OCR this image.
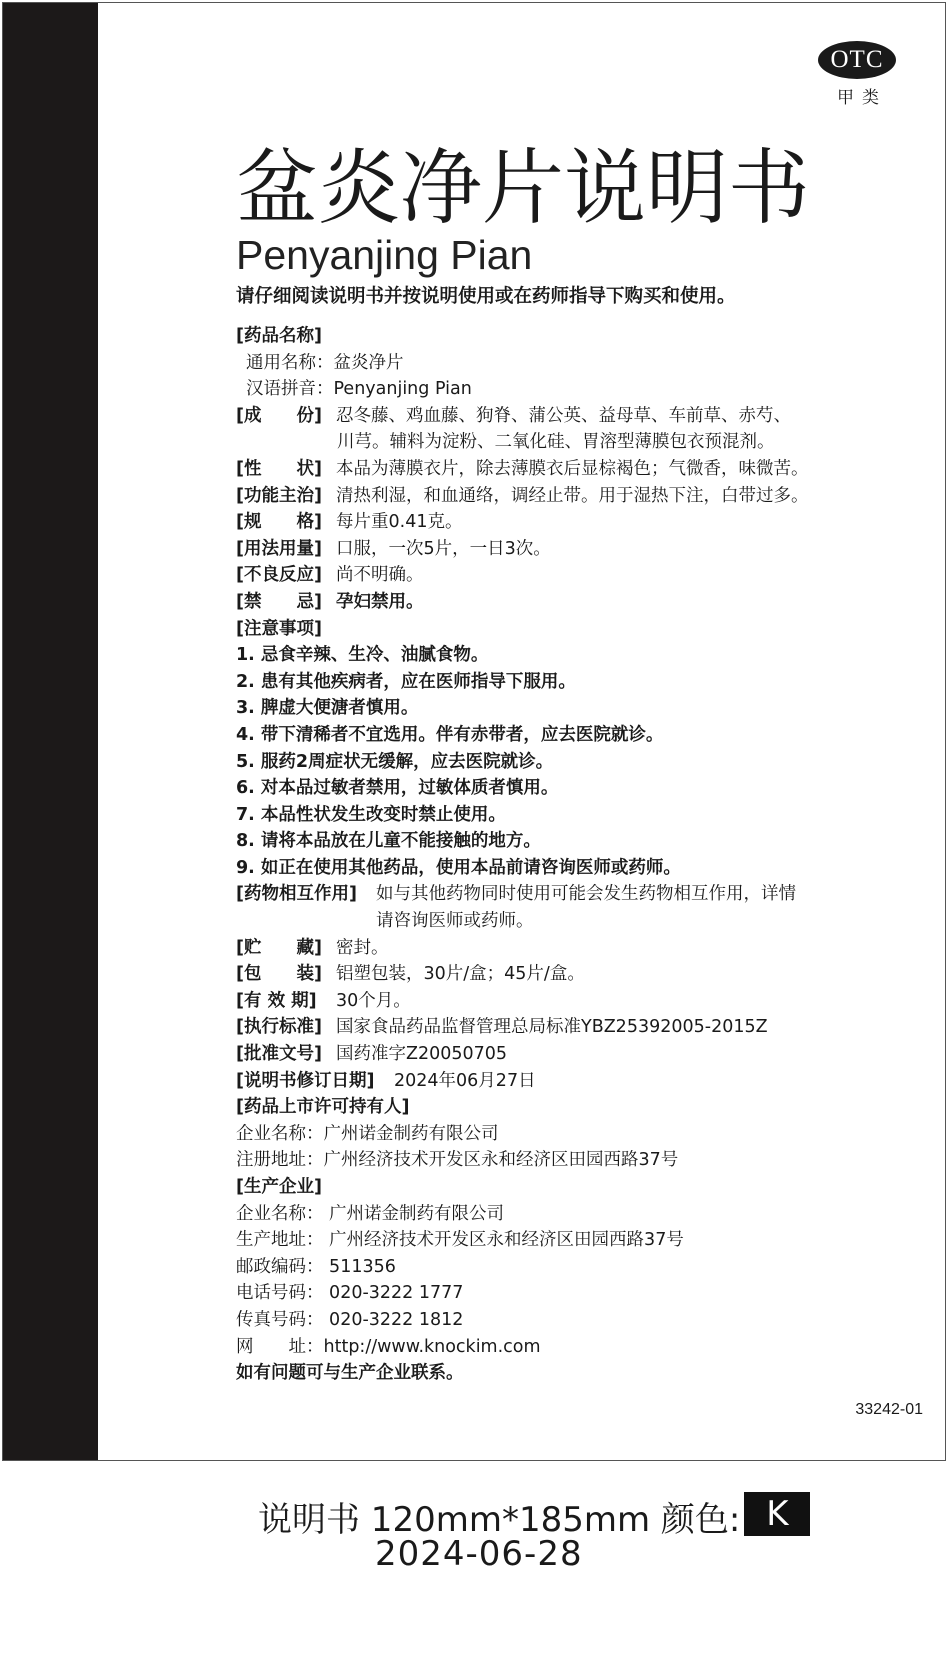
OTC
甲类
盆炎净片说明书
Penyanjing Pian
请仔细阅读说明书并按说明使用或在药师指导下购买和使用。
[药品名称]
通用名称：盆炎净片
汉语拼音：Penyanjing Pian
[成　　份] 忍冬藤、鸡血藤、狗脊、蒲公英、益母草、车前草、赤芍、
川芎。辅料为淀粉、二氧化硅、胃溶型薄膜包衣预混剂。
[性　　状] 本品为薄膜衣片，除去薄膜衣后显棕褐色；气微香，味微苦。
[功能主治] 清热利湿，和血通络，调经止带。用于湿热下注，白带过多。
[规　　格] 每片重0.41克。
[用法用量] 口服，一次5片，一日3次。
[不良反应] 尚不明确。
[禁　　忌] 孕妇禁用。
[注意事项]
1. 忌食辛辣、生冷、油腻食物。
2. 患有其他疾病者，应在医师指导下服用。
3. 脾虚大便溏者慎用。
4. 带下清稀者不宜选用。伴有赤带者，应去医院就诊。
5. 服药2周症状无缓解，应去医院就诊。
6. 对本品过敏者禁用，过敏体质者慎用。
7. 本品性状发生改变时禁止使用。
8. 请将本品放在儿童不能接触的地方。
9. 如正在使用其他药品，使用本品前请咨询医师或药师。
[药物相互作用] 如与其他药物同时使用可能会发生药物相互作用，详情
请咨询医师或药师。
[贮　　藏] 密封。
[包　　装] 铝塑包装，30片/盒；45片/盒。
[有 效 期] 30个月。
[执行标准] 国家食品药品监督管理总局标准YBZ25392005-2015Z
[批准文号] 国药准字Z20050705
[说明书修订日期] 2024年06月27日
[药品上市许可持有人]
企业名称：广州诺金制药有限公司
注册地址：广州经济技术开发区永和经济区田园西路37号
[生产企业]
企业名称： 广州诺金制药有限公司
生产地址： 广州经济技术开发区永和经济区田园西路37号
邮政编码： 511356
电话号码： 020-3222 1777
传真号码： 020-3222 1812
网　　址：http://www.knockim.com
如有问题可与生产企业联系。
33242-01
说明书 120mm*185mm 颜色: K
2024-06-28
